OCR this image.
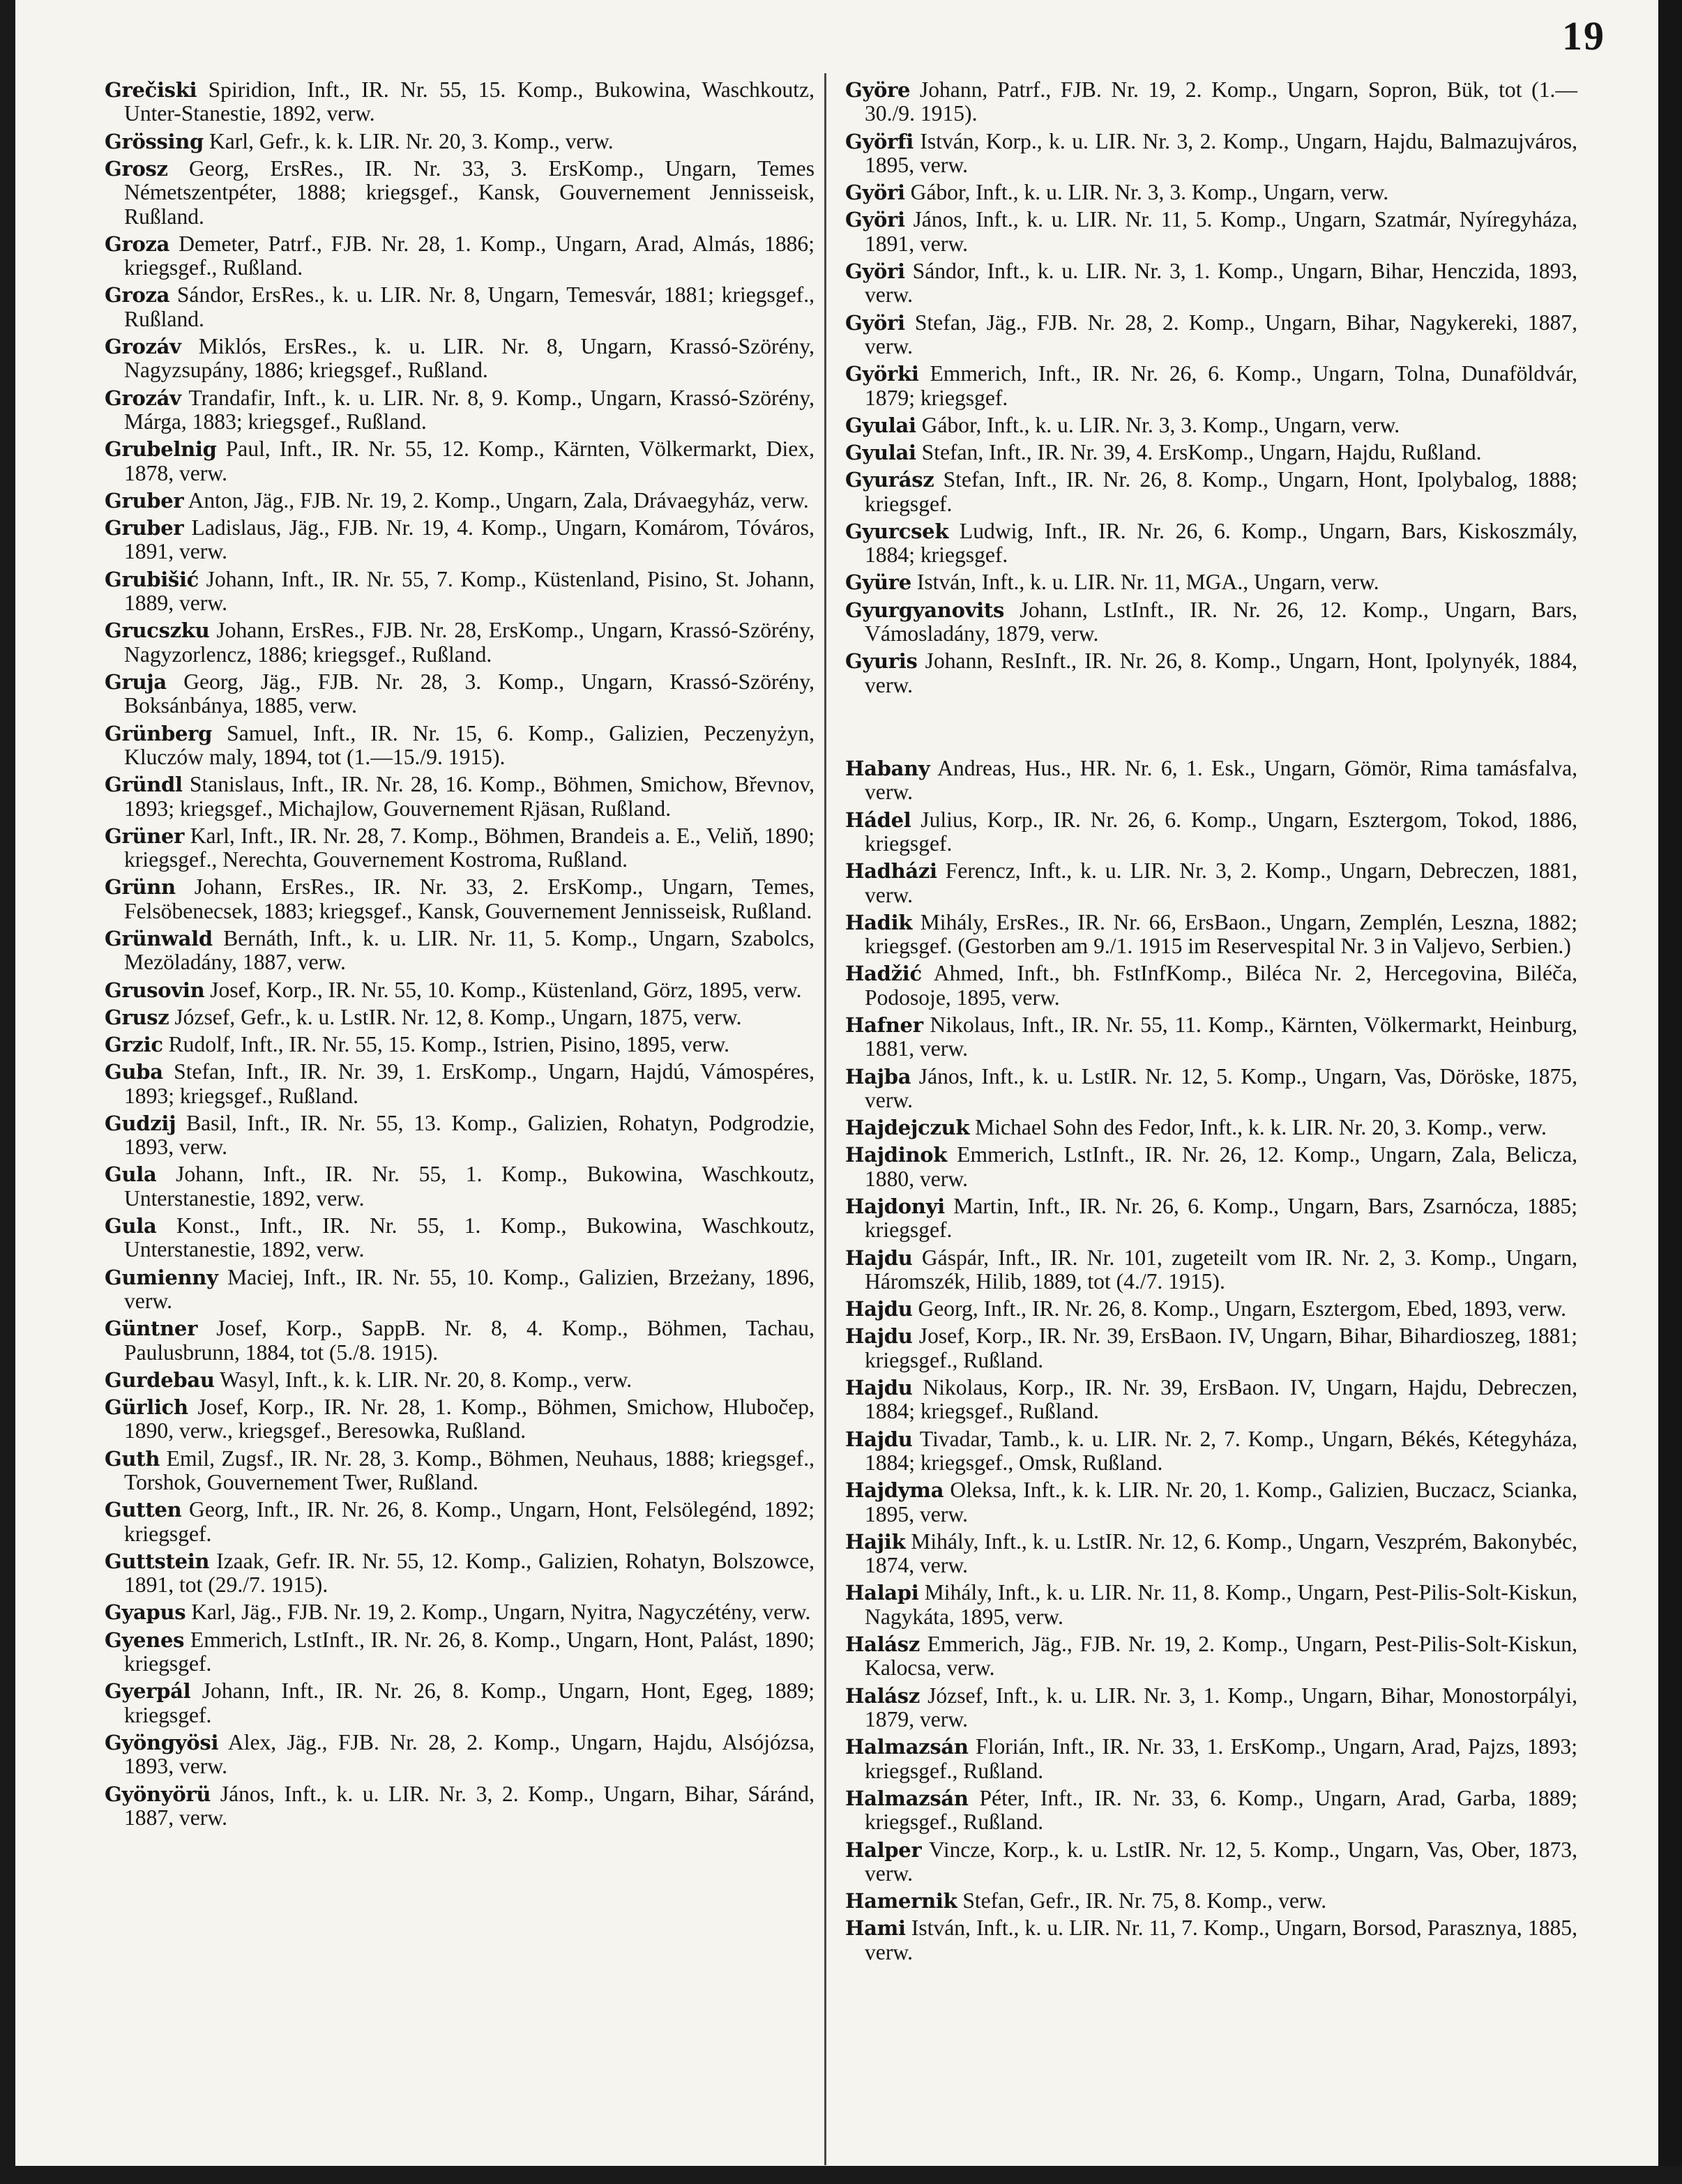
19
Grečiski Spiridion, Inft., IR. Nr. 55, 15. Komp., Bukowina, Waschkoutz, Unter-Stanestie, 1892, verw.
Grössing Karl, Gefr., k. k. LIR. Nr. 20, 3. Komp., verw.
Grosz Georg, ErsRes., IR. Nr. 33, 3. ErsKomp., Ungarn, Temes Németszentpéter, 1888; kriegsgef., Kansk, Gouvernement Jennisseisk, Rußland.
Groza Demeter, Patrf., FJB. Nr. 28, 1. Komp., Ungarn, Arad, Almás, 1886; kriegsgef., Rußland.
Groza Sándor, ErsRes., k. u. LIR. Nr. 8, Ungarn, Temesvár, 1881; kriegsgef., Rußland.
Grozáv Miklós, ErsRes., k. u. LIR. Nr. 8, Ungarn, Krassó-Szörény, Nagyzsupány, 1886; kriegsgef., Rußland.
Grozáv Trandafir, Inft., k. u. LIR. Nr. 8, 9. Komp., Ungarn, Krassó-Szörény, Márga, 1883; kriegsgef., Rußland.
Grubelnig Paul, Inft., IR. Nr. 55, 12. Komp., Kärnten, Völkermarkt, Diex, 1878, verw.
Gruber Anton, Jäg., FJB. Nr. 19, 2. Komp., Ungarn, Zala, Drávaegyház, verw.
Gruber Ladislaus, Jäg., FJB. Nr. 19, 4. Komp., Ungarn, Komárom, Tóváros, 1891, verw.
Grubišić Johann, Inft., IR. Nr. 55, 7. Komp., Küstenland, Pisino, St. Johann, 1889, verw.
Grucszku Johann, ErsRes., FJB. Nr. 28, ErsKomp., Ungarn, Krassó-Szörény, Nagyzorlencz, 1886; kriegsgef., Rußland.
Gruja Georg, Jäg., FJB. Nr. 28, 3. Komp., Ungarn, Krassó-Szörény, Boksánbánya, 1885, verw.
Grünberg Samuel, Inft., IR. Nr. 15, 6. Komp., Galizien, Peczenyżyn, Kluczów maly, 1894, tot (1.—15./9. 1915).
Gründl Stanislaus, Inft., IR. Nr. 28, 16. Komp., Böhmen, Smichow, Břevnov, 1893; kriegsgef., Michajlow, Gouvernement Rjäsan, Rußland.
Grüner Karl, Inft., IR. Nr. 28, 7. Komp., Böhmen, Brandeis a. E., Veliň, 1890; kriegsgef., Nerechta, Gouvernement Kostroma, Rußland.
Grünn Johann, ErsRes., IR. Nr. 33, 2. ErsKomp., Ungarn, Temes, Felsöbenecsek, 1883; kriegsgef., Kansk, Gouvernement Jennisseisk, Rußland.
Grünwald Bernáth, Inft., k. u. LIR. Nr. 11, 5. Komp., Ungarn, Szabolcs, Mezöladány, 1887, verw.
Grusovin Josef, Korp., IR. Nr. 55, 10. Komp., Küstenland, Görz, 1895, verw.
Grusz József, Gefr., k. u. LstIR. Nr. 12, 8. Komp., Ungarn, 1875, verw.
Grzic Rudolf, Inft., IR. Nr. 55, 15. Komp., Istrien, Pisino, 1895, verw.
Guba Stefan, Inft., IR. Nr. 39, 1. ErsKomp., Ungarn, Hajdú, Vámospéres, 1893; kriegsgef., Rußland.
Gudzij Basil, Inft., IR. Nr. 55, 13. Komp., Galizien, Rohatyn, Podgrodzie, 1893, verw.
Gula Johann, Inft., IR. Nr. 55, 1. Komp., Bukowina, Waschkoutz, Unterstanestie, 1892, verw.
Gula Konst., Inft., IR. Nr. 55, 1. Komp., Bukowina, Waschkoutz, Unterstanestie, 1892, verw.
Gumienny Maciej, Inft., IR. Nr. 55, 10. Komp., Galizien, Brzeżany, 1896, verw.
Güntner Josef, Korp., SappB. Nr. 8, 4. Komp., Böhmen, Tachau, Paulusbrunn, 1884, tot (5./8. 1915).
Gurdebau Wasyl, Inft., k. k. LIR. Nr. 20, 8. Komp., verw.
Gürlich Josef, Korp., IR. Nr. 28, 1. Komp., Böhmen, Smichow, Hlubočep, 1890, verw., kriegsgef., Beresowka, Rußland.
Guth Emil, Zugsf., IR. Nr. 28, 3. Komp., Böhmen, Neuhaus, 1888; kriegsgef., Torshok, Gouvernement Twer, Rußland.
Gutten Georg, Inft., IR. Nr. 26, 8. Komp., Ungarn, Hont, Felsölegénd, 1892; kriegsgef.
Guttstein Izaak, Gefr. IR. Nr. 55, 12. Komp., Galizien, Rohatyn, Bolszowce, 1891, tot (29./7. 1915).
Gyapus Karl, Jäg., FJB. Nr. 19, 2. Komp., Ungarn, Nyitra, Nagyczétény, verw.
Gyenes Emmerich, LstInft., IR. Nr. 26, 8. Komp., Ungarn, Hont, Palást, 1890; kriegsgef.
Gyerpál Johann, Inft., IR. Nr. 26, 8. Komp., Ungarn, Hont, Egeg, 1889; kriegsgef.
Gyöngyösi Alex, Jäg., FJB. Nr. 28, 2. Komp., Ungarn, Hajdu, Alsójózsa, 1893, verw.
Gyönyörü János, Inft., k. u. LIR. Nr. 3, 2. Komp., Ungarn, Bihar, Sáránd, 1887, verw.
Györe Johann, Patrf., FJB. Nr. 19, 2. Komp., Ungarn, Sopron, Bük, tot (1.—30./9. 1915).
Györfi István, Korp., k. u. LIR. Nr. 3, 2. Komp., Ungarn, Hajdu, Balmazujváros, 1895, verw.
Györi Gábor, Inft., k. u. LIR. Nr. 3, 3. Komp., Ungarn, verw.
Györi János, Inft., k. u. LIR. Nr. 11, 5. Komp., Ungarn, Szatmár, Nyíregyháza, 1891, verw.
Györi Sándor, Inft., k. u. LIR. Nr. 3, 1. Komp., Ungarn, Bihar, Henczida, 1893, verw.
Györi Stefan, Jäg., FJB. Nr. 28, 2. Komp., Ungarn, Bihar, Nagykereki, 1887, verw.
Györki Emmerich, Inft., IR. Nr. 26, 6. Komp., Ungarn, Tolna, Dunaföldvár, 1879; kriegsgef.
Gyulai Gábor, Inft., k. u. LIR. Nr. 3, 3. Komp., Ungarn, verw.
Gyulai Stefan, Inft., IR. Nr. 39, 4. ErsKomp., Ungarn, Hajdu, Rußland.
Gyurász Stefan, Inft., IR. Nr. 26, 8. Komp., Ungarn, Hont, Ipolybalog, 1888; kriegsgef.
Gyurcsek Ludwig, Inft., IR. Nr. 26, 6. Komp., Ungarn, Bars, Kiskoszmály, 1884; kriegsgef.
Gyüre István, Inft., k. u. LIR. Nr. 11, MGA., Ungarn, verw.
Gyurgyanovits Johann, LstInft., IR. Nr. 26, 12. Komp., Ungarn, Bars, Vámosladány, 1879, verw.
Gyuris Johann, ResInft., IR. Nr. 26, 8. Komp., Ungarn, Hont, Ipolynyék, 1884, verw.
Habany Andreas, Hus., HR. Nr. 6, 1. Esk., Ungarn, Gömör, Rima tamásfalva, verw.
Hádel Julius, Korp., IR. Nr. 26, 6. Komp., Ungarn, Esztergom, Tokod, 1886, kriegsgef.
Hadházi Ferencz, Inft., k. u. LIR. Nr. 3, 2. Komp., Ungarn, Debreczen, 1881, verw.
Hadik Mihály, ErsRes., IR. Nr. 66, ErsBaon., Ungarn, Zemplén, Leszna, 1882; kriegsgef. (Gestorben am 9./1. 1915 im Reservespital Nr. 3 in Valjevo, Serbien.)
Hadžić Ahmed, Inft., bh. FstInfKomp., Biléca Nr. 2, Hercegovina, Biléča, Podosoje, 1895, verw.
Hafner Nikolaus, Inft., IR. Nr. 55, 11. Komp., Kärnten, Völkermarkt, Heinburg, 1881, verw.
Hajba János, Inft., k. u. LstIR. Nr. 12, 5. Komp., Ungarn, Vas, Döröske, 1875, verw.
Hajdejczuk Michael Sohn des Fedor, Inft., k. k. LIR. Nr. 20, 3. Komp., verw.
Hajdinok Emmerich, LstInft., IR. Nr. 26, 12. Komp., Ungarn, Zala, Belicza, 1880, verw.
Hajdonyi Martin, Inft., IR. Nr. 26, 6. Komp., Ungarn, Bars, Zsarnócza, 1885; kriegsgef.
Hajdu Gáspár, Inft., IR. Nr. 101, zugeteilt vom IR. Nr. 2, 3. Komp., Ungarn, Háromszék, Hilib, 1889, tot (4./7. 1915).
Hajdu Georg, Inft., IR. Nr. 26, 8. Komp., Ungarn, Esztergom, Ebed, 1893, verw.
Hajdu Josef, Korp., IR. Nr. 39, ErsBaon. IV, Ungarn, Bihar, Bihardioszeg, 1881; kriegsgef., Rußland.
Hajdu Nikolaus, Korp., IR. Nr. 39, ErsBaon. IV, Ungarn, Hajdu, Debreczen, 1884; kriegsgef., Rußland.
Hajdu Tivadar, Tamb., k. u. LIR. Nr. 2, 7. Komp., Ungarn, Békés, Kétegyháza, 1884; kriegsgef., Omsk, Rußland.
Hajdyma Oleksa, Inft., k. k. LIR. Nr. 20, 1. Komp., Galizien, Buczacz, Scianka, 1895, verw.
Hajik Mihály, Inft., k. u. LstIR. Nr. 12, 6. Komp., Ungarn, Veszprém, Bakonybéc, 1874, verw.
Halapi Mihály, Inft., k. u. LIR. Nr. 11, 8. Komp., Ungarn, Pest-Pilis-Solt-Kiskun, Nagykáta, 1895, verw.
Halász Emmerich, Jäg., FJB. Nr. 19, 2. Komp., Ungarn, Pest-Pilis-Solt-Kiskun, Kalocsa, verw.
Halász József, Inft., k. u. LIR. Nr. 3, 1. Komp., Ungarn, Bihar, Monostorpályi, 1879, verw.
Halmazsán Florián, Inft., IR. Nr. 33, 1. ErsKomp., Ungarn, Arad, Pajzs, 1893; kriegsgef., Rußland.
Halmazsán Péter, Inft., IR. Nr. 33, 6. Komp., Ungarn, Arad, Garba, 1889; kriegsgef., Rußland.
Halper Vincze, Korp., k. u. LstIR. Nr. 12, 5. Komp., Ungarn, Vas, Ober, 1873, verw.
Hamernik Stefan, Gefr., IR. Nr. 75, 8. Komp., verw.
Hami István, Inft., k. u. LIR. Nr. 11, 7. Komp., Ungarn, Borsod, Parasznya, 1885, verw.
